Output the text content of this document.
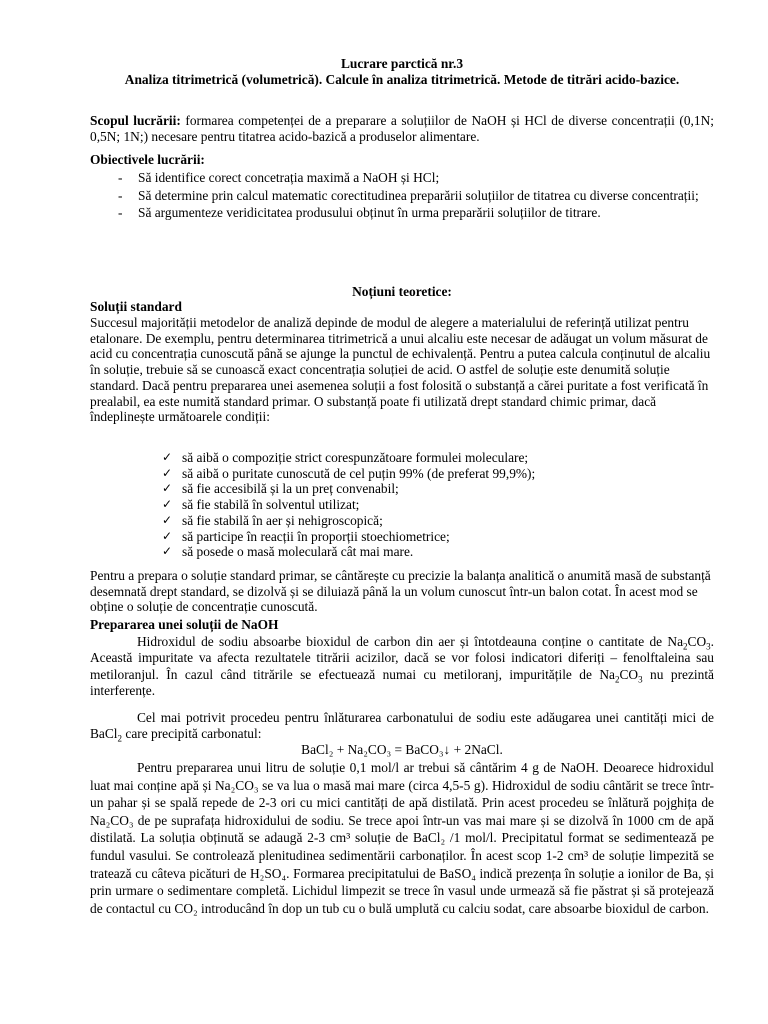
Lucrare parctică nr.3
Analiza titrimetrică (volumetrică). Calcule în analiza titrimetrică. Metode de titrări acido-bazice.
Scopul lucrării: formarea competenței de a preparare a soluțiilor de NaOH și HCl de diverse concentrații (0,1N; 0,5N; 1N;) necesare pentru titatrea acido-bazică a produselor alimentare.
Obiectivele lucrării:
- Să identifice corect concetrația maximă a NaOH și HCl;
- Să determine prin calcul matematic corectitudinea preparării soluțiilor de titatrea cu diverse concentrații;
- Să argumenteze veridicitatea produsului obținut în urma preparării soluțiilor de titrare.
Noțiuni teoretice:
Soluții standard
Succesul majorității metodelor de analiză depinde de modul de alegere a materialului de referință utilizat pentru etalonare. De exemplu, pentru determinarea titrimetrică a unui alcaliu este necesar de adăugat un volum măsurat de acid cu concentrația cunoscută până se ajunge la punctul de echivalență. Pentru a putea calcula conținutul de alcaliu în soluție, trebuie să se cunoască exact concentrația soluției de acid. O astfel de soluție este denumită soluție standard. Dacă pentru prepararea unei asemenea soluții a fost folosită o substanță a cărei puritate a fost verificată în prealabil, ea este numită standard primar. O substanță poate fi utilizată drept standard chimic primar, dacă îndeplinește următoarele condiții:
✓ să aibă o compoziție strict corespunzătoare formulei moleculare;
✓ să aibă o puritate cunoscută de cel puțin 99% (de preferat 99,9%);
✓ să fie accesibilă și la un preț convenabil;
✓ să fie stabilă în solventul utilizat;
✓ să fie stabilă în aer și nehigroscopică;
✓ să participe în reacții în proporții stoechiometrice;
✓ să posede o masă moleculară cât mai mare.
Pentru a prepara o soluție standard primar, se cântărește cu precizie la balanța analitică o anumită masă de substanță desemnată drept standard, se dizolvă și se diluiază până la un volum cunoscut într-un balon cotat. În acest mod se obține o soluție de concentrație cunoscută.
Prepararea unei soluții de NaOH
Hidroxidul de sodiu absoarbe bioxidul de carbon din aer și întotdeauna conține o cantitate de $Na_2CO_3$. Această impuritate va afecta rezultatele titrării acizilor, dacă se vor folosi indicatori diferiți – fenolftaleina sau metiloranjul. În cazul când titrările se efectuează numai cu metiloranj, impuritățile de $Na_2CO_3$ nu prezintă interferențe.
Cel mai potrivit procedeu pentru înlăturarea carbonatului de sodiu este adăugarea unei cantități mici de BaCl$_2$ care precipită carbonatul:
BaCl₂ + Na₂CO₃ = BaCO₃↓ + 2NaCl.
Pentru prepararea unui litru de soluție 0,1 mol/l ar trebui să cântărim 4 g de NaOH. Deoarece hidroxidul luat mai conține apă și Na₂CO₃ se va lua o masă mai mare (circa 4,5-5 g). Hidroxidul de sodiu cântărit se trece într-un pahar și se spală repede de 2-3 ori cu mici cantități de apă distilată. Prin acest procedeu se înlătură pojghița de Na₂CO₃ de pe suprafața hidroxidului de sodiu. Se trece apoi într-un vas mai mare și se dizolvă în 1000 cm de apă distilată. La soluția obținută se adaugă 2-3 cm³ soluție de BaCl₂ /1 mol/l. Precipitatul format se sedimentează pe fundul vasului. Se controlează plenitudinea sedimentării carbonaților. În acest scop 1-2 cm³ de soluție limpezită se tratează cu câteva picături de H₂SO₄. Formarea precipitatului de BaSO₄ indică prezența în soluție a ionilor de Ba, și prin urmare o sedimentare completă. Lichidul limpezit se trece în vasul unde urmează să fie păstrat și să protejează de contactul cu CO₂ introducând în dop un tub cu o bulă umplută cu calciu sodat, care absoarbe bioxidul de carbon.
